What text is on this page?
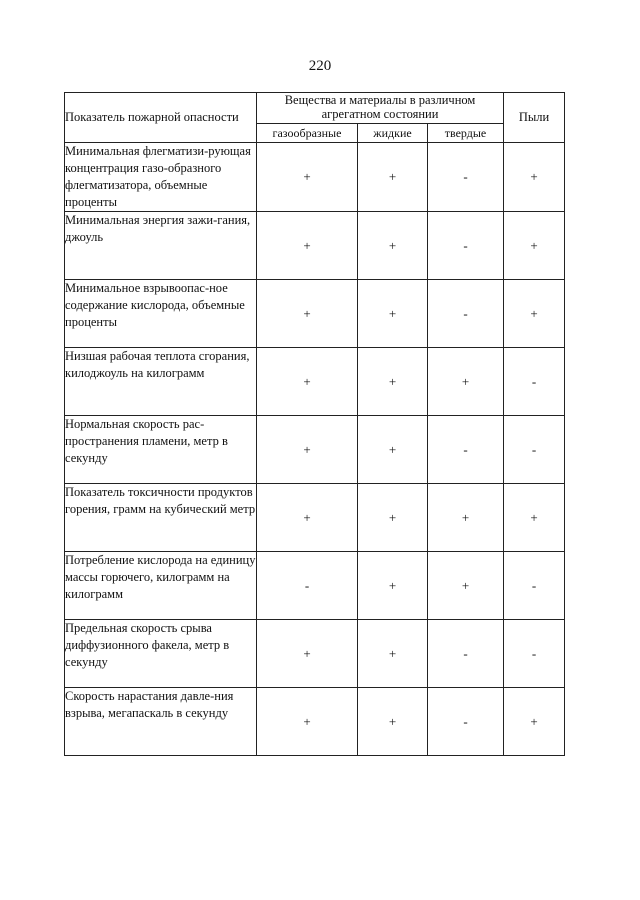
220
Показатель пожарной опасности	Вещества и материалы в различном агрегатном состоянии			Пыли
	газообразные	жидкие	твердые	
Минимальная флегматизи-рующая концентрация газо-образного флегматизатора, объемные проценты	+	+	-	+
Минимальная энергия зажи-гания, джоуль	+	+	-	+
Минимальное взрывоопас-ное содержание кислорода, объемные проценты	+	+	-	+
Низшая рабочая теплота сгорания, килоджоуль на килограмм	+	+	+	-
Нормальная скорость рас-пространения пламени, метр в секунду	+	+	-	-
Показатель токсичности продуктов горения, грамм на кубический метр	+	+	+	+
Потребление кислорода на единицу массы горючего, килограмм на килограмм	-	+	+	-
Предельная скорость срыва диффузионного факела, метр в секунду	+	+	-	-
Скорость нарастания давле-ния взрыва, мегапаскаль в секунду	+	+	-	+
